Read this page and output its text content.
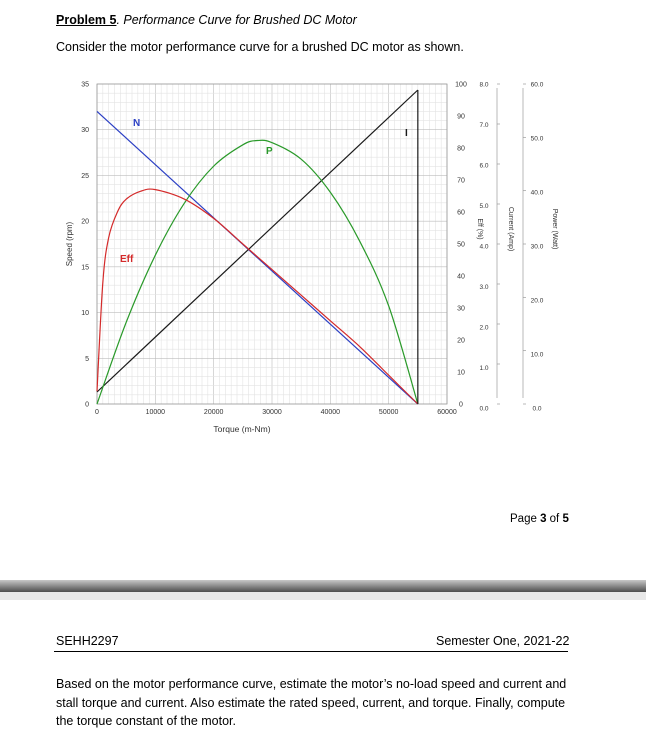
Problem 5. Performance Curve for Brushed DC Motor
Consider the motor performance curve for a brushed DC motor as shown.
0	10000	20000	30000	40000	50000	60000
0
5
10
15
20
25
30
35
Torque (m-Nm)
Speed (rpm)
0
10
20
30
40
50
60
70
80
90
100
0.0
1.0
2.0
3.0
4.0
5.0
6.0
7.0
8.0
0.0
10.0
20.0
30.0
40.0
50.0
60.0
Eff (%)	Current (Amp)	Power (Watt)
N
I
P
Eff
Page 3 of 5
SEHH2297	Semester One, 2021-22
Based on the motor performance curve, estimate the motor’s no-load speed and current and stall torque and current. Also estimate the rated speed, current, and torque. Finally, compute the torque constant of the motor.
